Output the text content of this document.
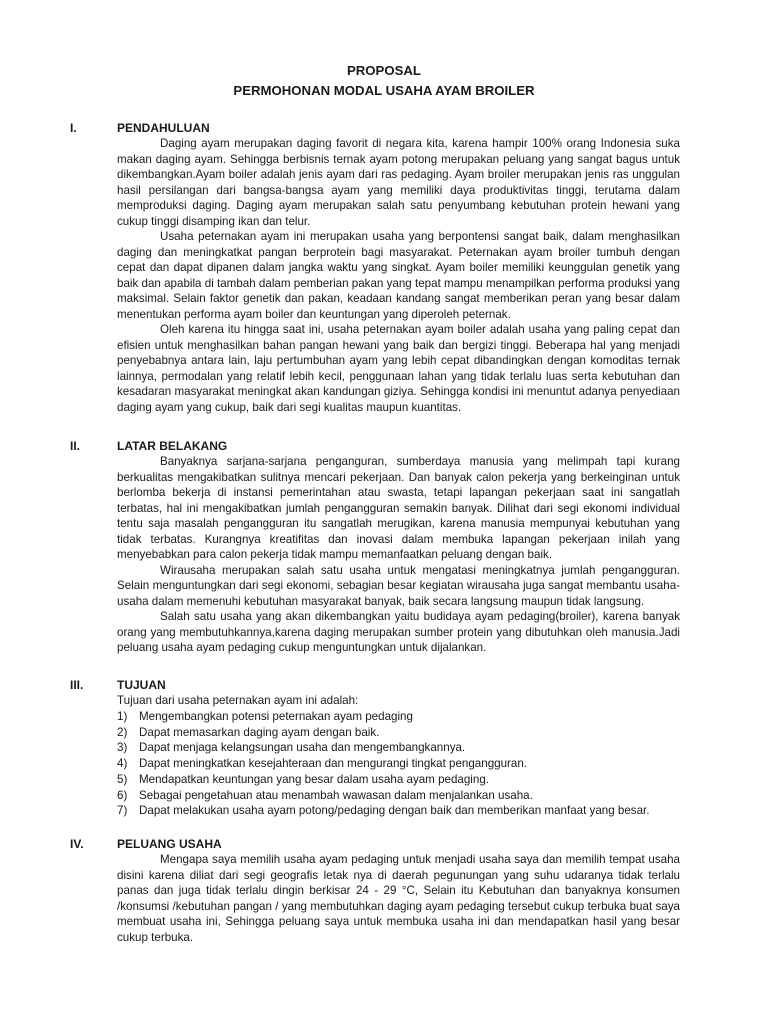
PROPOSAL
PERMOHONAN MODAL USAHA AYAM BROILER
I.	PENDAHULUAN

Daging ayam merupakan daging favorit di negara kita, karena hampir 100% orang Indonesia suka makan daging ayam. Sehingga berbisnis ternak ayam potong merupakan peluang yang sangat bagus untuk dikembangkan.Ayam boiler adalah jenis ayam dari ras pedaging. Ayam broiler merupakan jenis ras unggulan hasil persilangan dari bangsa-bangsa ayam yang memiliki daya produktivitas tinggi, terutama dalam memproduksi daging. Daging ayam merupakan salah satu penyumbang kebutuhan protein hewani yang cukup tinggi disamping ikan dan telur.

Usaha peternakan ayam ini merupakan usaha yang berpontensi sangat baik, dalam menghasilkan daging dan meningkatkat pangan berprotein bagi masyarakat. Peternakan ayam broiler tumbuh dengan cepat dan dapat dipanen dalam jangka waktu yang singkat. Ayam boiler memiliki keunggulan genetik yang baik dan apabila di tambah dalam pemberian pakan yang tepat mampu menampilkan performa produksi yang maksimal. Selain faktor genetik dan pakan, keadaan kandang sangat memberikan peran yang besar dalam menentukan performa ayam boiler dan keuntungan yang diperoleh peternak.

Oleh karena itu hingga saat ini, usaha peternakan ayam boiler adalah usaha yang paling cepat dan efisien untuk menghasilkan bahan pangan hewani yang baik dan bergizi tinggi. Beberapa hal yang menjadi penyebabnya antara lain, laju pertumbuhan ayam yang lebih cepat dibandingkan dengan komoditas ternak lainnya, permodalan yang relatif lebih kecil, penggunaan lahan yang tidak terlalu luas serta kebutuhan dan kesadaran masyarakat meningkat akan kandungan giziya. Sehingga kondisi ini menuntut adanya penyediaan daging ayam yang cukup, baik dari segi kualitas maupun kuantitas.

II.	LATAR BELAKANG

Banyaknya sarjana-sarjana penganguran, sumberdaya manusia yang melimpah tapi kurang berkualitas mengakibatkan sulitnya mencari pekerjaan. Dan banyak calon pekerja yang berkeinginan untuk berlomba bekerja di instansi pemerintahan atau swasta, tetapi lapangan pekerjaan saat ini sangatlah terbatas, hal ini mengakibatkan jumlah pengangguran semakin banyak. Dilihat dari segi ekonomi individual tentu saja masalah pengangguran itu sangatlah merugikan, karena manusia mempunyai kebutuhan yang tidak terbatas. Kurangnya kreatifitas dan inovasi dalam membuka lapangan pekerjaan inilah yang menyebabkan para calon pekerja tidak mampu memanfaatkan peluang dengan baik.

Wirausaha merupakan salah satu usaha untuk mengatasi meningkatnya jumlah pengangguran. Selain menguntungkan dari segi ekonomi, sebagian besar kegiatan wirausaha juga sangat membantu usaha-usaha dalam memenuhi kebutuhan masyarakat banyak, baik secara langsung maupun tidak langsung.

Salah satu usaha yang akan dikembangkan yaitu budidaya ayam pedaging(broiler), karena banyak orang yang membutuhkannya,karena daging merupakan sumber protein yang dibutuhkan oleh manusia.Jadi peluang usaha ayam pedaging cukup menguntungkan untuk dijalankan.

III.	TUJUAN
Tujuan dari usaha peternakan ayam ini adalah:
1) Mengembangkan potensi peternakan ayam pedaging
2) Dapat memasarkan daging ayam dengan baik.
3) Dapat menjaga kelangsungan usaha dan mengembangkannya.
4) Dapat meningkatkan kesejahteraan dan mengurangi tingkat pengangguran.
5) Mendapatkan keuntungan yang besar dalam usaha ayam pedaging.
6) Sebagai pengetahuan atau menambah wawasan dalam menjalankan usaha.
7) Dapat melakukan usaha ayam potong/pedaging dengan baik dan memberikan manfaat yang besar.
IV.	PELUANG USAHA

Mengapa saya memilih usaha ayam pedaging untuk menjadi usaha saya dan memilih tempat usaha disini karena diliat dari segi geografis letak nya di daerah pegunungan yang suhu udaranya tidak terlalu panas dan juga tidak terlalu dingin berkisar 24 - 29 °C, Selain itu Kebutuhan dan banyaknya konsumen /konsumsi /kebutuhan pangan / yang membutuhkan daging ayam pedaging tersebut cukup terbuka buat saya membuat usaha ini, Sehingga peluang saya untuk membuka usaha ini dan mendapatkan hasil yang besar cukup terbuka.
